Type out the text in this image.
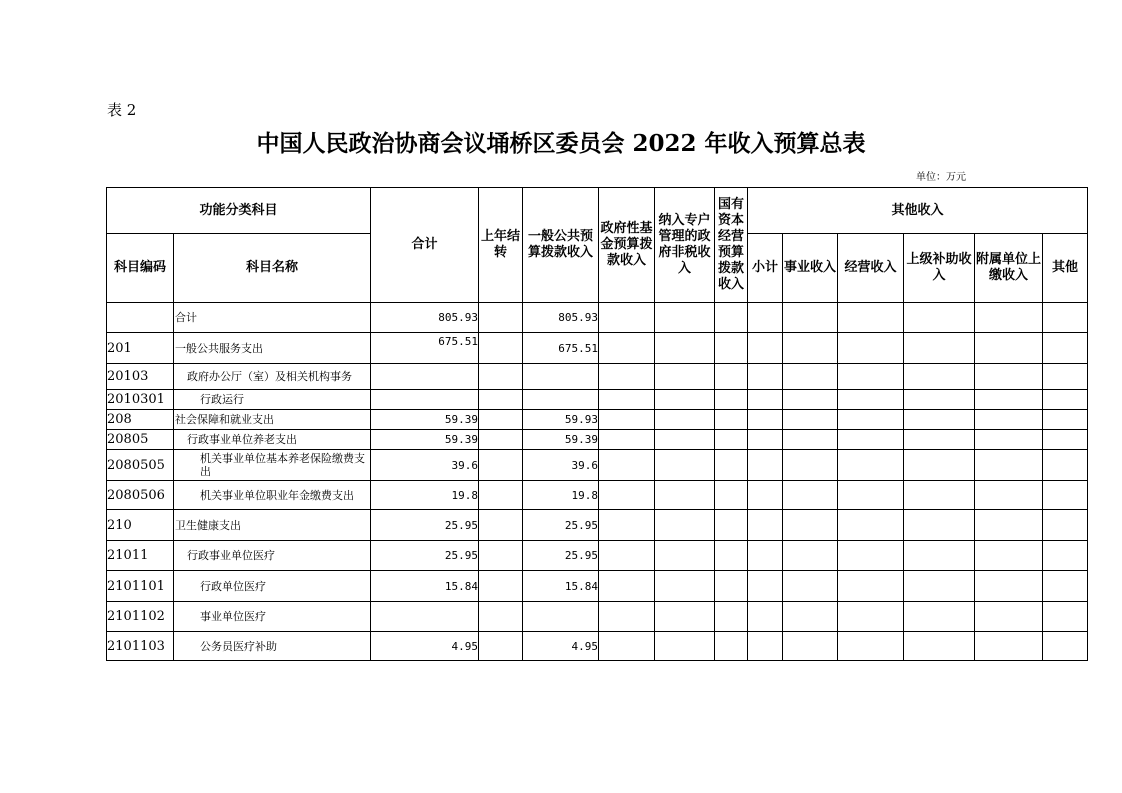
表 2
中国人民政治协商会议埇桥区委员会 2022 年收入预算总表
单位：万元
功能分类科目		合计	上年结转	一般公共预算拨款收入	政府性基金预算拨款收入	纳入专户管理的政府非税收入	国有资本经营预算拨款收入	其他收入					
科目编码	科目名称							小计	事业收入	经营收入	上级补助收入	附属单位上缴收入	其他
	合计	805.93		805.93									
201	一般公共服务支出	675.51		675.51									
20103	政府办公厅（室）及相关机构事务												
2010301	行政运行												
208	社会保障和就业支出	59.39		59.93									
20805	行政事业单位养老支出	59.39		59.39									
2080505	机关事业单位基本养老保险缴费支出	39.6		39.6									
2080506	机关事业单位职业年金缴费支出	19.8		19.8									
210	卫生健康支出	25.95		25.95									
21011	行政事业单位医疗	25.95		25.95									
2101101	行政单位医疗	15.84		15.84									
2101102	事业单位医疗												
2101103	公务员医疗补助	4.95		4.95									
